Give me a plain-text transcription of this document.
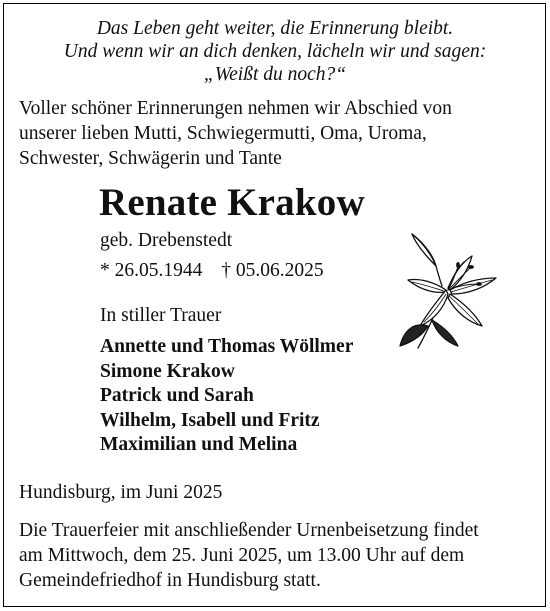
Das Leben geht weiter, die Erinnerung bleibt.
Und wenn wir an dich denken, lächeln wir und sagen:
„Weißt du noch?“
Voller schöner Erinnerungen nehmen wir Abschied von
unserer lieben Mutti, Schwiegermutti, Oma, Uroma,
Schwester, Schwägerin und Tante
Renate Krakow
geb. Drebenstedt
* 26.05.1944 † 05.06.2025
In stiller Trauer
Annette und Thomas Wöllmer
Simone Krakow
Patrick und Sarah
Wilhelm, Isabell und Fritz
Maximilian und Melina
Hundisburg, im Juni 2025
Die Trauerfeier mit anschließender Urnenbeisetzung findet
am Mittwoch, dem 25. Juni 2025, um 13.00 Uhr auf dem
Gemeindefriedhof in Hundisburg statt.
